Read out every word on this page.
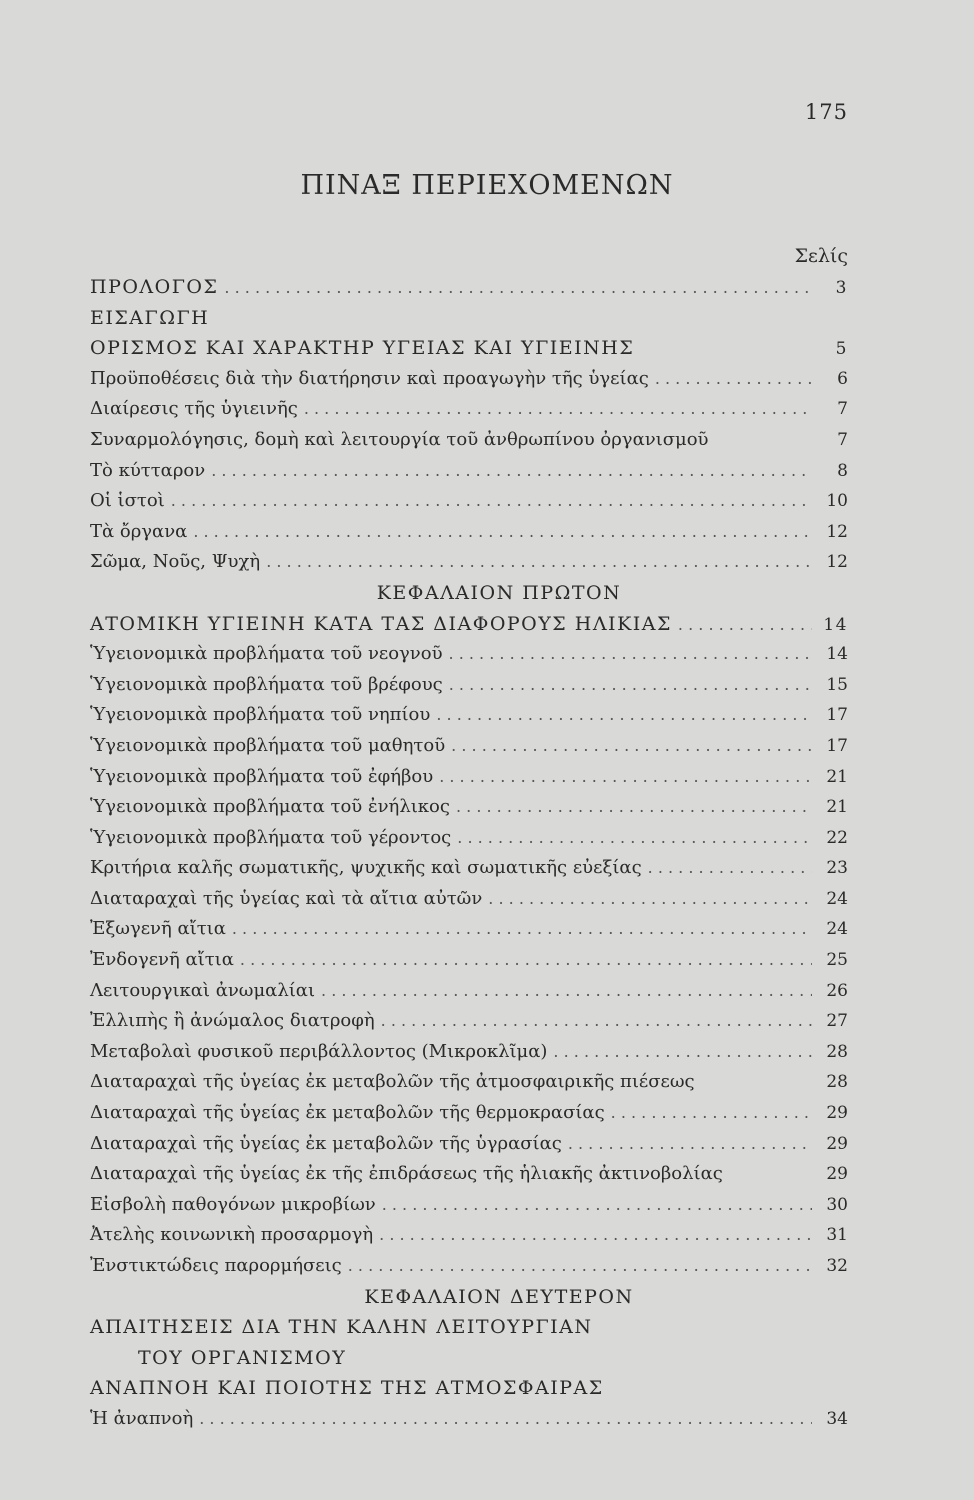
175
ΠΙΝΑΞ ΠΕΡΙΕΧΟΜΕΝΩΝ
Σελίς
ΠΡΟΛΟΓΟΣ . . .	3
ΕΙΣΑΓΩΓΗ
ΟΡΙΣΜΟΣ ΚΑΙ ΧΑΡΑΚΤΗΡ ΥΓΕΙΑΣ ΚΑΙ ΥΓΙΕΙΝΗΣ	5
Προϋποθέσεις διὰ τὴν διατήρησιν καὶ προαγωγὴν τῆς ὑγείας . . .	6
Διαίρεσις τῆς ὑγιεινῆς . . .	7
Συναρμολόγησις, δομὴ καὶ λειτουργία τοῦ ἀνθρωπίνου ὀργανισμοῦ	7
Τὸ κύτταρον . . .	8
Οἱ ἱστοὶ . . .	10
Τὰ ὄργανα . . .	12
Σῶμα, Νοῦς, Ψυχὴ . . .	12
ΚΕΦΑΛΑΙΟΝ ΠΡΩΤΟΝ
ΑΤΟΜΙΚΗ ΥΓΙΕΙΝΗ ΚΑΤΑ ΤΑΣ ΔΙΑΦΟΡΟΥΣ ΗΛΙΚΙΑΣ . . .	14
Ὑγειονομικὰ προβλήματα τοῦ νεογνοῦ . . .	14
Ὑγειονομικὰ προβλήματα τοῦ βρέφους . . .	15
Ὑγειονομικὰ προβλήματα τοῦ νηπίου . . .	17
Ὑγειονομικὰ προβλήματα τοῦ μαθητοῦ . . .	17
Ὑγειονομικὰ προβλήματα τοῦ ἐφήβου . . .	21
Ὑγειονομικὰ προβλήματα τοῦ ἐνήλικος . . .	21
Ὑγειονομικὰ προβλήματα τοῦ γέροντος . . .	22
Κριτήρια καλῆς σωματικῆς, ψυχικῆς καὶ σωματικῆς εὐεξίας . . .	23
Διαταραχαὶ τῆς ὑγείας καὶ τὰ αἴτια αὐτῶν . . .	24
Ἐξωγενῆ αἴτια . . .	24
Ἐνδογενῆ αἴτια . . .	25
Λειτουργικαὶ ἀνωμαλίαι . . .	26
Ἐλλιπὴς ἢ ἀνώμαλος διατροφὴ . . .	27
Μεταβολαὶ φυσικοῦ περιβάλλοντος (Μικροκλῖμα) . . .	28
Διαταραχαὶ τῆς ὑγείας ἐκ μεταβολῶν τῆς ἀτμοσφαιρικῆς πιέσεως	28
Διαταραχαὶ τῆς ὑγείας ἐκ μεταβολῶν τῆς θερμοκρασίας . . .	29
Διαταραχαὶ τῆς ὑγείας ἐκ μεταβολῶν τῆς ὑγρασίας . . .	29
Διαταραχαὶ τῆς ὑγείας ἐκ τῆς ἐπιδράσεως τῆς ἡλιακῆς ἀκτινοβολίας	29
Εἰσβολὴ παθογόνων μικροβίων . . .	30
Ἀτελὴς κοινωνικὴ προσαρμογὴ . . .	31
Ἐνστικτώδεις παρορμήσεις . . .	32
ΚΕΦΑΛΑΙΟΝ ΔΕΥΤΕΡΟΝ
ΑΠΑΙΤΗΣΕΙΣ ΔΙΑ ΤΗΝ ΚΑΛΗΝ ΛΕΙΤΟΥΡΓΙΑΝ
ΤΟΥ ΟΡΓΑΝΙΣΜΟΥ
ΑΝΑΠΝΟΗ ΚΑΙ ΠΟΙΟΤΗΣ ΤΗΣ ΑΤΜΟΣΦΑΙΡΑΣ
Ἡ ἀναπνοὴ . . .	34
